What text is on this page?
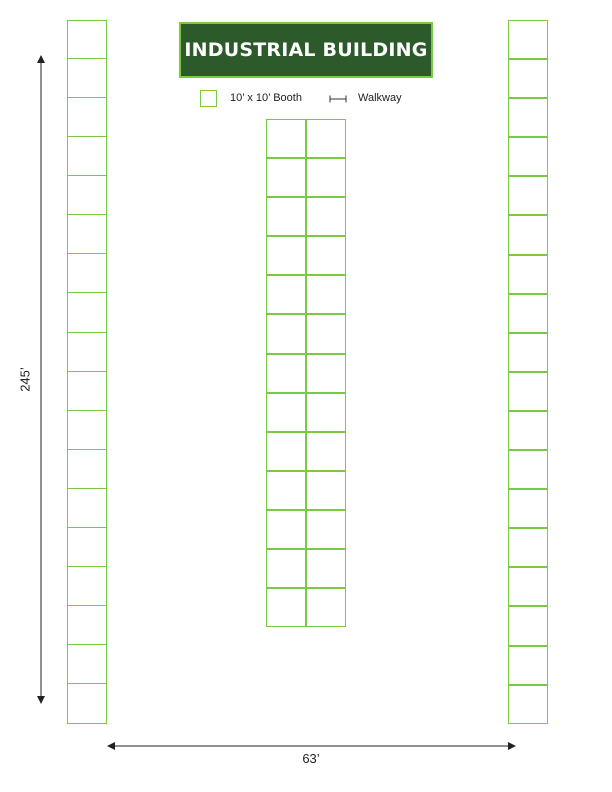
INDUSTRIAL BUILDING
10’ x 10’ Booth	Walkway
245’
63’
